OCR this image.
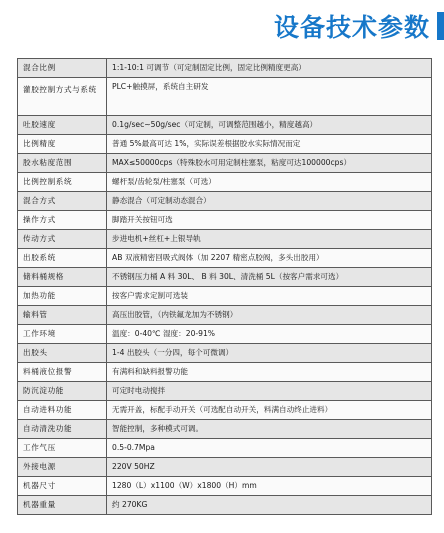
设备技术参数
混合比例	1:1-10:1 可调节（可定制固定比例，固定比例精度更高）
灌胶控制方式与系统	PLC+触摸屏，系统自主研发
吐胶速度	0.1g/sec~50g/sec（可定制，可调整范围越小，精度越高）
比例精度	普通 5%最高可达 1%，实际误差根据胶水实际情况而定
胶水粘度范围	MAX≤50000cps（特殊胶水可用定制柱塞泵，粘度可达100000cps）
比例控制系统	螺杆泵/齿轮泵/柱塞泵（可选）
混合方式	静态混合（可定制动态混合）
操作方式	脚踏开关按钮可选
传动方式	步进电机+丝杠+上银导轨
出胶系统	AB 双液精密回吸式阀体（加 2207 精密点胶阀，多头出胶用）
储料桶规格	不锈钢压力桶 A 料 30L、 B 料 30L、清洗桶 5L（按客户需求可选）
加热功能	按客户需求定制可选装
输料管	高压出胶管，（内铁氟龙加为不锈钢）
工作环境	温度：0-40℃ 湿度：20-91%
出胶头	1-4 出胶头（一分四，每个可微调）
料桶液位报警	有满料和缺料报警功能
防沉淀功能	可定时电动搅拌
自动进料功能	无需开盖，标配手动开关（可选配自动开关，料满自动终止进料）
自动清洗功能	智能控制，多种模式可调。
工作气压	0.5-0.7Mpa
外接电源	220V 50HZ
机器尺寸	1280（L）x1100（W）x1800（H）mm
机器重量	约 270KG
